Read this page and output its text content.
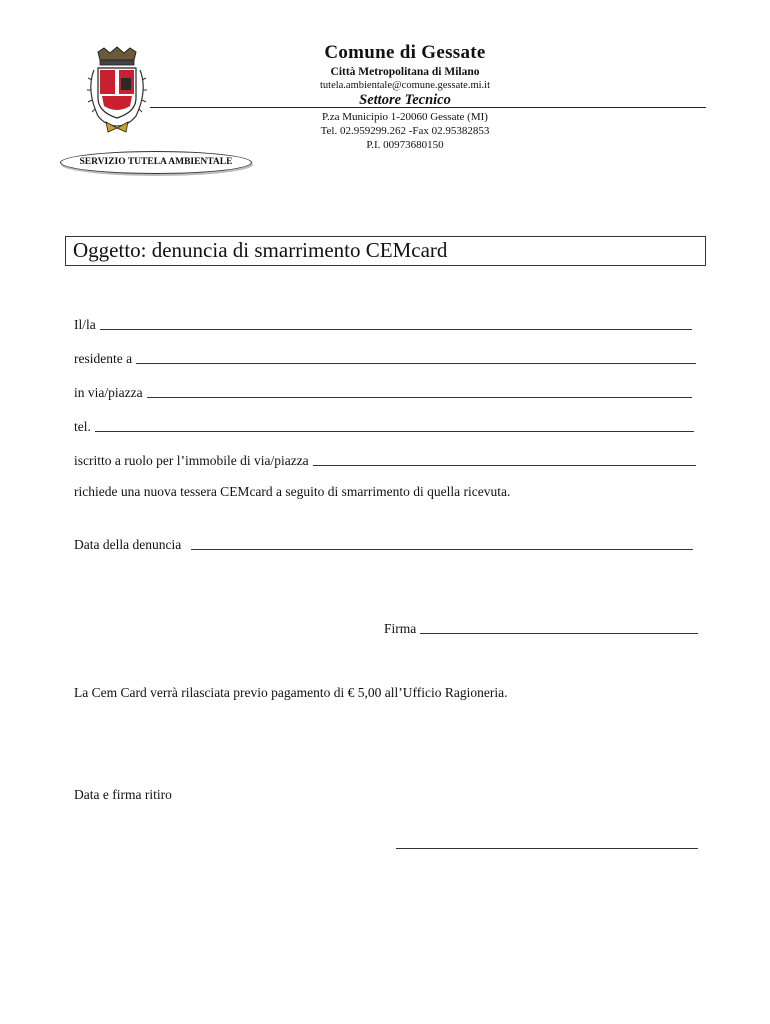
Comune di Gessate
Città Metropolitana di Milano
tutela.ambientale@comune.gessate.mi.it
Settore Tecnico
P.za Municipio 1-20060 Gessate (MI)
Tel. 02.959299.262 -Fax 02.95382853
P.I. 00973680150
SERVIZIO TUTELA AMBIENTALE
Oggetto: denuncia di smarrimento CEMcard
Il/la
residente a
in via/piazza
tel.
iscritto a ruolo per l’immobile di via/piazza
richiede una nuova tessera CEMcard a seguito di smarrimento di quella ricevuta.
Data della denuncia
Firma
La Cem Card verrà rilasciata previo pagamento di € 5,00 all’Ufficio Ragioneria.
Data e firma ritiro
